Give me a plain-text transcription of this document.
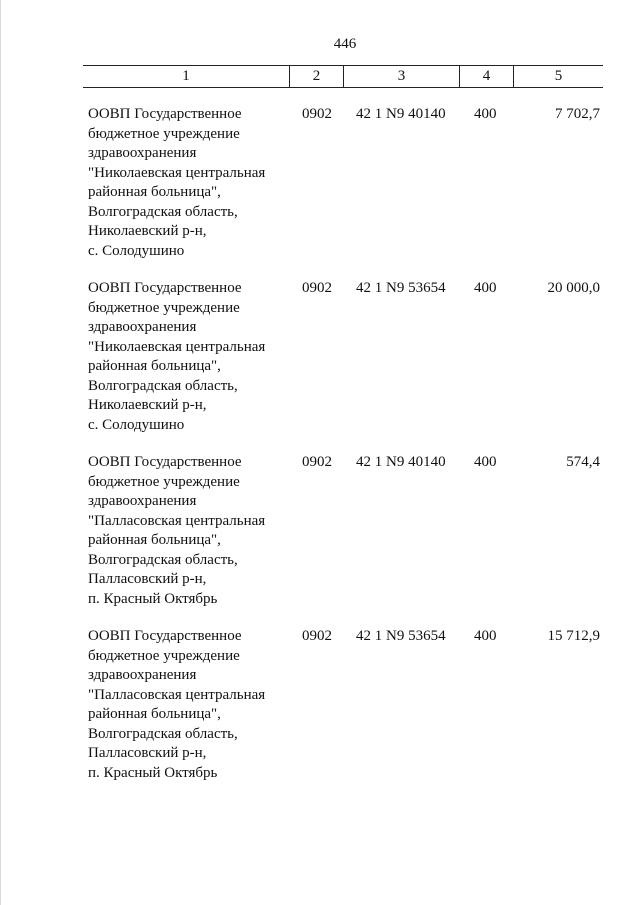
446
1	2	3	4	5
ООВП Государственное
бюджетное учреждение
здравоохранения
"Николаевская центральная
районная больница",
Волгоградская область,
Николаевский р-н,
с. Солодушино
0902	42 1 N9 40140	400	7 702,7
ООВП Государственное
бюджетное учреждение
здравоохранения
"Николаевская центральная
районная больница",
Волгоградская область,
Николаевский р-н,
с. Солодушино
0902	42 1 N9 53654	400	20 000,0
ООВП Государственное
бюджетное учреждение
здравоохранения
"Палласовская центральная
районная больница",
Волгоградская область,
Палласовский р-н,
п. Красный Октябрь
0902	42 1 N9 40140	400	574,4
ООВП Государственное
бюджетное учреждение
здравоохранения
"Палласовская центральная
районная больница",
Волгоградская область,
Палласовский р-н,
п. Красный Октябрь
0902	42 1 N9 53654	400	15 712,9
